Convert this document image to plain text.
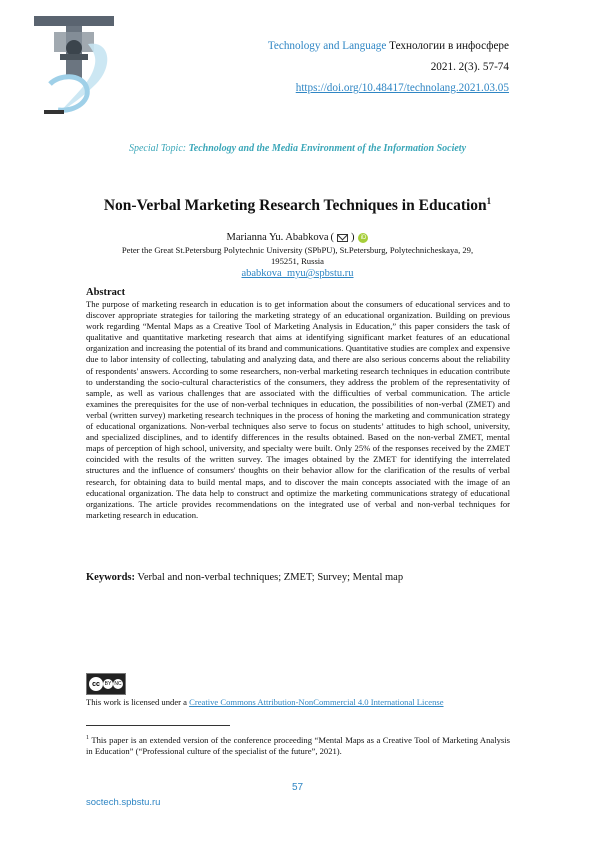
Technology and Language Технологии в инфосфере
2021. 2(3). 57-74
https://doi.org/10.48417/technolang.2021.03.05
Special Topic: Technology and the Media Environment of the Information Society
Non-Verbal Marketing Research Techniques in Education$^1$
Marianna Yu. Ababkova ( )	iD
Peter the Great St.Petersburg Polytechnic University (SPbPU), St.Petersburg, Polytechnicheskaya, 29,
195251, Russia
ababkova_myu@spbstu.ru
Abstract

The purpose of marketing research in education is to get information about the consumers of educational services and to discover appropriate strategies for tailoring the marketing strategy of an educational organization. Building on previous work regarding “Mental Maps as a Creative Tool of Marketing Analysis in Education,” this paper considers the task of qualitative and quantitative marketing research that aims at identifying significant market features of an educational organization and increasing the potential of its brand and communications. Quantitative studies are complex and expensive due to labor intensity of collecting, tabulating and analyzing data, and there are also serious concerns about the reliability of respondents' answers. According to some researchers, non-verbal marketing research techniques in education contribute to understanding the socio-cultural characteristics of the consumers, they address the problem of the representativity of sample, as well as various challenges that are associated with the difficulties of verbal communication. The article examines the prerequisites for the use of non-verbal techniques in education, the possibilities of non-verbal (ZMET) and verbal (written survey) marketing research techniques in the process of honing the marketing and communication strategy of educational organizations. Non-verbal techniques also serve to focus on students’ attitudes to high school, university, and specialized disciplines, and to identify differences in the results obtained. Based on the non-verbal ZMET, mental maps of perception of high school, university, and specialty were built. Only 25% of the responses received by the ZMET coincided with the results of the written survey. The images obtained by the ZMET for identifying the interrelated structures and the influence of consumers' thoughts on their behavior allow for the clarification of the results of verbal research, for obtaining data to build mental maps, and to discover the main concepts associated with the image of an educational organization. The data help to construct and optimize the marketing communications strategy of educational organizations. The article provides recommendations on the integrated use of verbal and non-verbal techniques for marketing research in education.

Keywords: Verbal and non-verbal techniques; ZMET; Survey; Mental map
cc BY NC
This work is licensed under a Creative Commons Attribution-NonCommercial 4.0 International License
$^1$ This paper is an extended version of the conference proceeding “Mental Maps as a Creative Tool of Marketing Analysis in Education” (“Professional culture of the specialist of the future”, 2021).
57
soctech.spbstu.ru
